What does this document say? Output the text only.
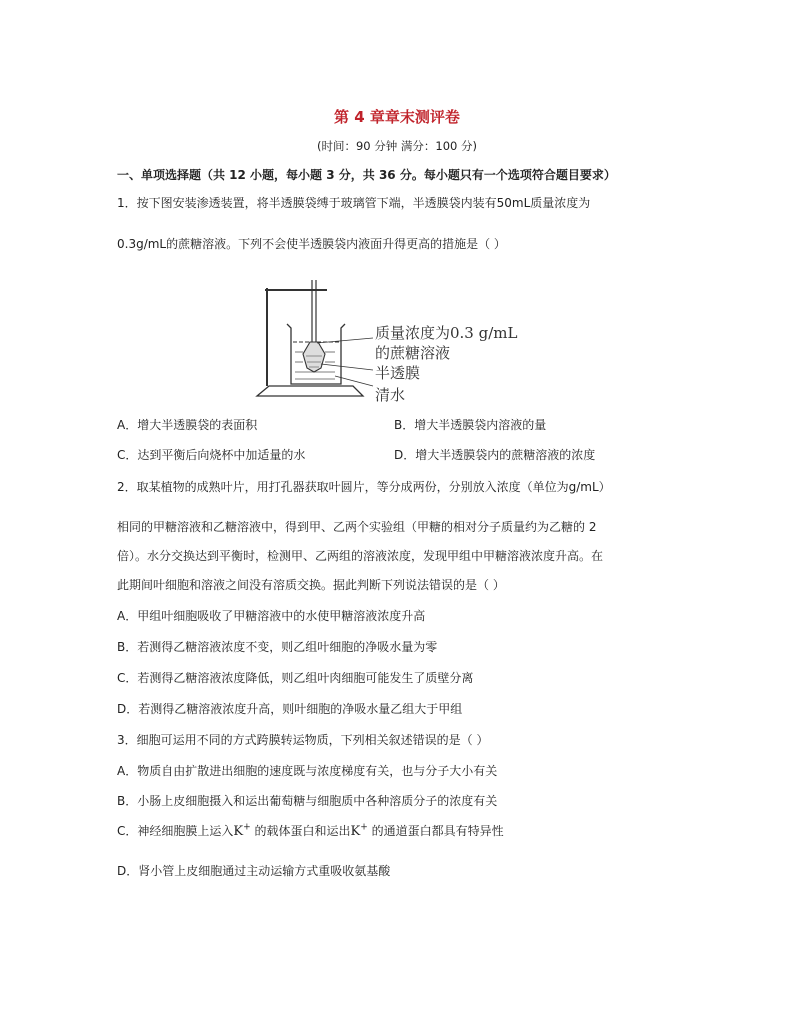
第 4 章章末测评卷
(时间：90 分钟 满分：100 分)
一、单项选择题（共 12 小题，每小题 3 分，共 36 分。每小题只有一个选项符合题目要求）
1．按下图安装渗透装置，将半透膜袋缚于玻璃管下端，半透膜袋内装有50mL质量浓度为
0.3g/mL的蔗糖溶液。下列不会使半透膜袋内液面升得更高的措施是（ ）
质量浓度为0.3 g/mL
的蔗糖溶液
半透膜
清水
A．增大半透膜袋的表面积	B．增大半透膜袋内溶液的量
C．达到平衡后向烧杯中加适量的水	D．增大半透膜袋内的蔗糖溶液的浓度
2．取某植物的成熟叶片，用打孔器获取叶圆片，等分成两份，分别放入浓度（单位为g/mL）
相同的甲糖溶液和乙糖溶液中，得到甲、乙两个实验组（甲糖的相对分子质量约为乙糖的 2
倍）。水分交换达到平衡时，检测甲、乙两组的溶液浓度，发现甲组中甲糖溶液浓度升高。在
此期间叶细胞和溶液之间没有溶质交换。据此判断下列说法错误的是（ ）
A．甲组叶细胞吸收了甲糖溶液中的水使甲糖溶液浓度升高
B．若测得乙糖溶液浓度不变，则乙组叶细胞的净吸水量为零
C．若测得乙糖溶液浓度降低，则乙组叶肉细胞可能发生了质壁分离
D．若测得乙糖溶液浓度升高，则叶细胞的净吸水量乙组大于甲组
3．细胞可运用不同的方式跨膜转运物质，下列相关叙述错误的是（ ）
A．物质自由扩散进出细胞的速度既与浓度梯度有关，也与分子大小有关
B．小肠上皮细胞摄入和运出葡萄糖与细胞质中各种溶质分子的浓度有关
C．神经细胞膜上运入K+ 的载体蛋白和运出K+ 的通道蛋白都具有特异性
D．肾小管上皮细胞通过主动运输方式重吸收氨基酸
